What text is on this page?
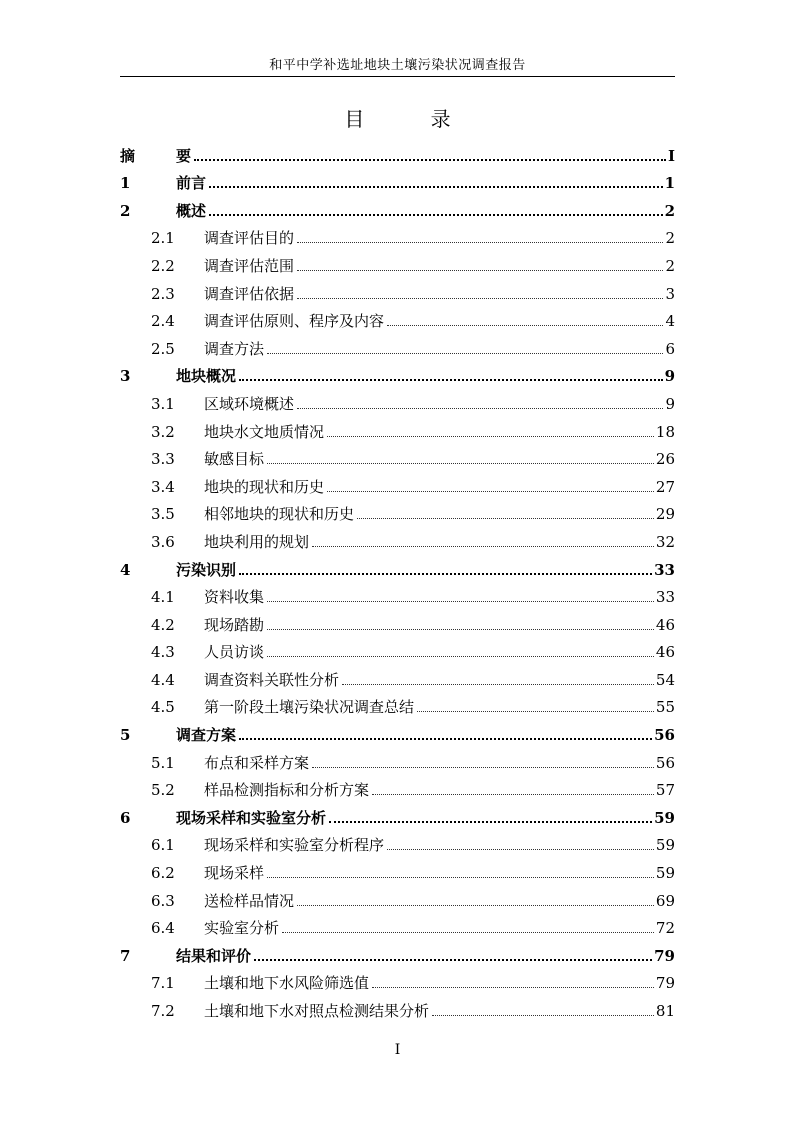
和平中学补选址地块土壤污染状况调查报告
目 录
摘	要	I
1	前言	1
2	概述	2
2.1	调查评估目的	2
2.2	调查评估范围	2
2.3	调查评估依据	3
2.4	调查评估原则、程序及内容	4
2.5	调查方法	6
3	地块概况	9
3.1	区域环境概述	9
3.2	地块水文地质情况	18
3.3	敏感目标	26
3.4	地块的现状和历史	27
3.5	相邻地块的现状和历史	29
3.6	地块利用的规划	32
4	污染识别	33
4.1	资料收集	33
4.2	现场踏勘	46
4.3	人员访谈	46
4.4	调查资料关联性分析	54
4.5	第一阶段土壤污染状况调查总结	55
5	调查方案	56
5.1	布点和采样方案	56
5.2	样品检测指标和分析方案	57
6	现场采样和实验室分析	59
6.1	现场采样和实验室分析程序	59
6.2	现场采样	59
6.3	送检样品情况	69
6.4	实验室分析	72
7	结果和评价	79
7.1	土壤和地下水风险筛选值	79
7.2	土壤和地下水对照点检测结果分析	81
I
